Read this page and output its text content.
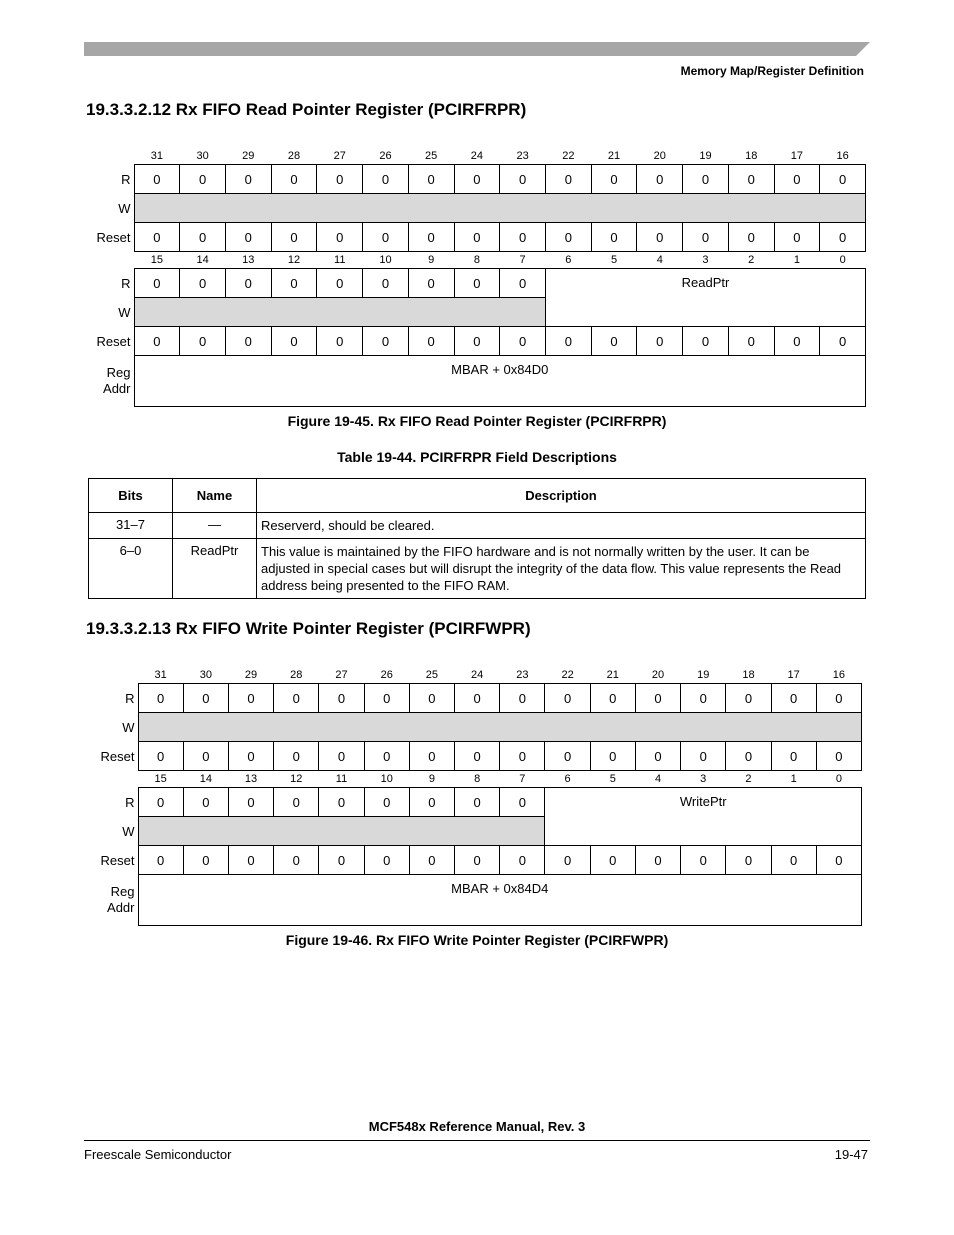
Memory Map/Register Definition
19.3.3.2.12 Rx FIFO Read Pointer Register (PCIRFRPR)
	31	30	29	28	27	26	25	24	23	22	21	20	19	18	17	16
R	0	0	0	0	0	0	0	0	0	0	0	0	0	0	0	0
W																
Reset	0	0	0	0	0	0	0	0	0	0	0	0	0	0	0	0
	15	14	13	12	11	10	9	8	7	6	5	4	3	2	1	0
R	0	0	0	0	0	0	0	0	0	ReadPtr						
W																
Reset	0	0	0	0	0	0	0	0	0	0	0	0	0	0	0	0
Reg
Addr	MBAR + 0x84D0															
Figure 19-45. Rx FIFO Read Pointer Register (PCIRFRPR)
Table 19-44. PCIRFRPR Field Descriptions
Bits	Name	Description
31–7	—	Reserverd, should be cleared.
6–0	ReadPtr	This value is maintained by the FIFO hardware and is not normally written by the user. It can be adjusted in special cases but will disrupt the integrity of the data flow. This value represents the Read address being presented to the FIFO RAM.
19.3.3.2.13 Rx FIFO Write Pointer Register (PCIRFWPR)
	31	30	29	28	27	26	25	24	23	22	21	20	19	18	17	16
R	0	0	0	0	0	0	0	0	0	0	0	0	0	0	0	0
W																
Reset	0	0	0	0	0	0	0	0	0	0	0	0	0	0	0	0
	15	14	13	12	11	10	9	8	7	6	5	4	3	2	1	0
R	0	0	0	0	0	0	0	0	0	WritePtr						
W																
Reset	0	0	0	0	0	0	0	0	0	0	0	0	0	0	0	0
Reg
Addr	MBAR + 0x84D4															
Figure 19-46. Rx FIFO Write Pointer Register (PCIRFWPR)
MCF548x Reference Manual, Rev. 3
Freescale Semiconductor	19-47
